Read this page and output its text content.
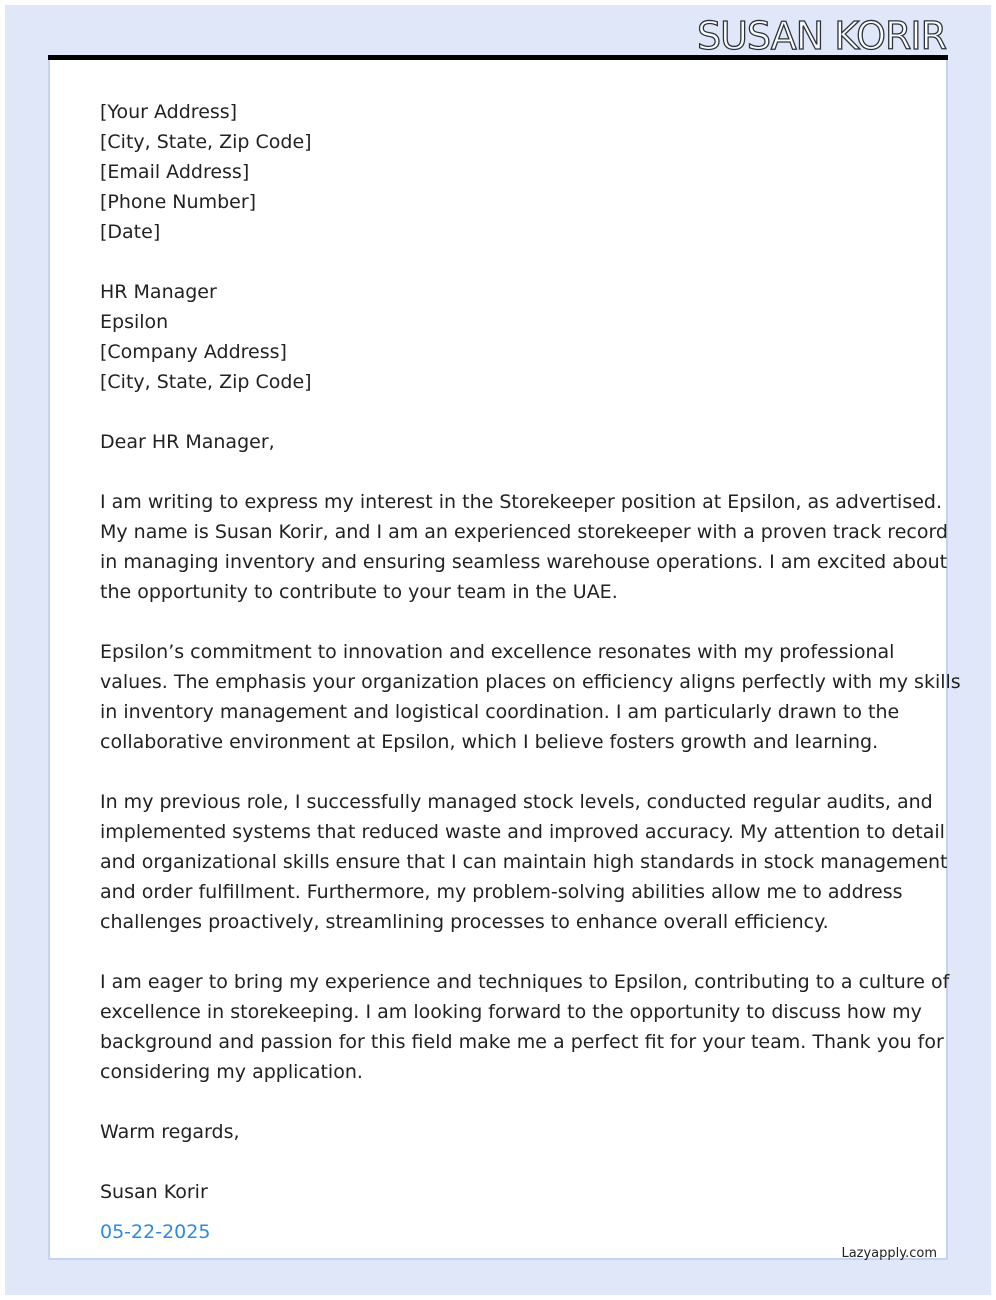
SUSAN KORIR
[Your Address]
[City, State, Zip Code]
[Email Address]
[Phone Number]
[Date]
HR Manager
Epsilon
[Company Address]
[City, State, Zip Code]
Dear HR Manager,
I am writing to express my interest in the Storekeeper position at Epsilon, as advertised.
My name is Susan Korir, and I am an experienced storekeeper with a proven track record
in managing inventory and ensuring seamless warehouse operations. I am excited about
the opportunity to contribute to your team in the UAE.
Epsilon’s commitment to innovation and excellence resonates with my professional
values. The emphasis your organization places on efficiency aligns perfectly with my skills
in inventory management and logistical coordination. I am particularly drawn to the
collaborative environment at Epsilon, which I believe fosters growth and learning.
In my previous role, I successfully managed stock levels, conducted regular audits, and
implemented systems that reduced waste and improved accuracy. My attention to detail
and organizational skills ensure that I can maintain high standards in stock management
and order fulfillment. Furthermore, my problem-solving abilities allow me to address
challenges proactively, streamlining processes to enhance overall efficiency.
I am eager to bring my experience and techniques to Epsilon, contributing to a culture of
excellence in storekeeping. I am looking forward to the opportunity to discuss how my
background and passion for this field make me a perfect fit for your team. Thank you for
considering my application.
Warm regards,
Susan Korir
05-22-2025
Lazyapply.com
